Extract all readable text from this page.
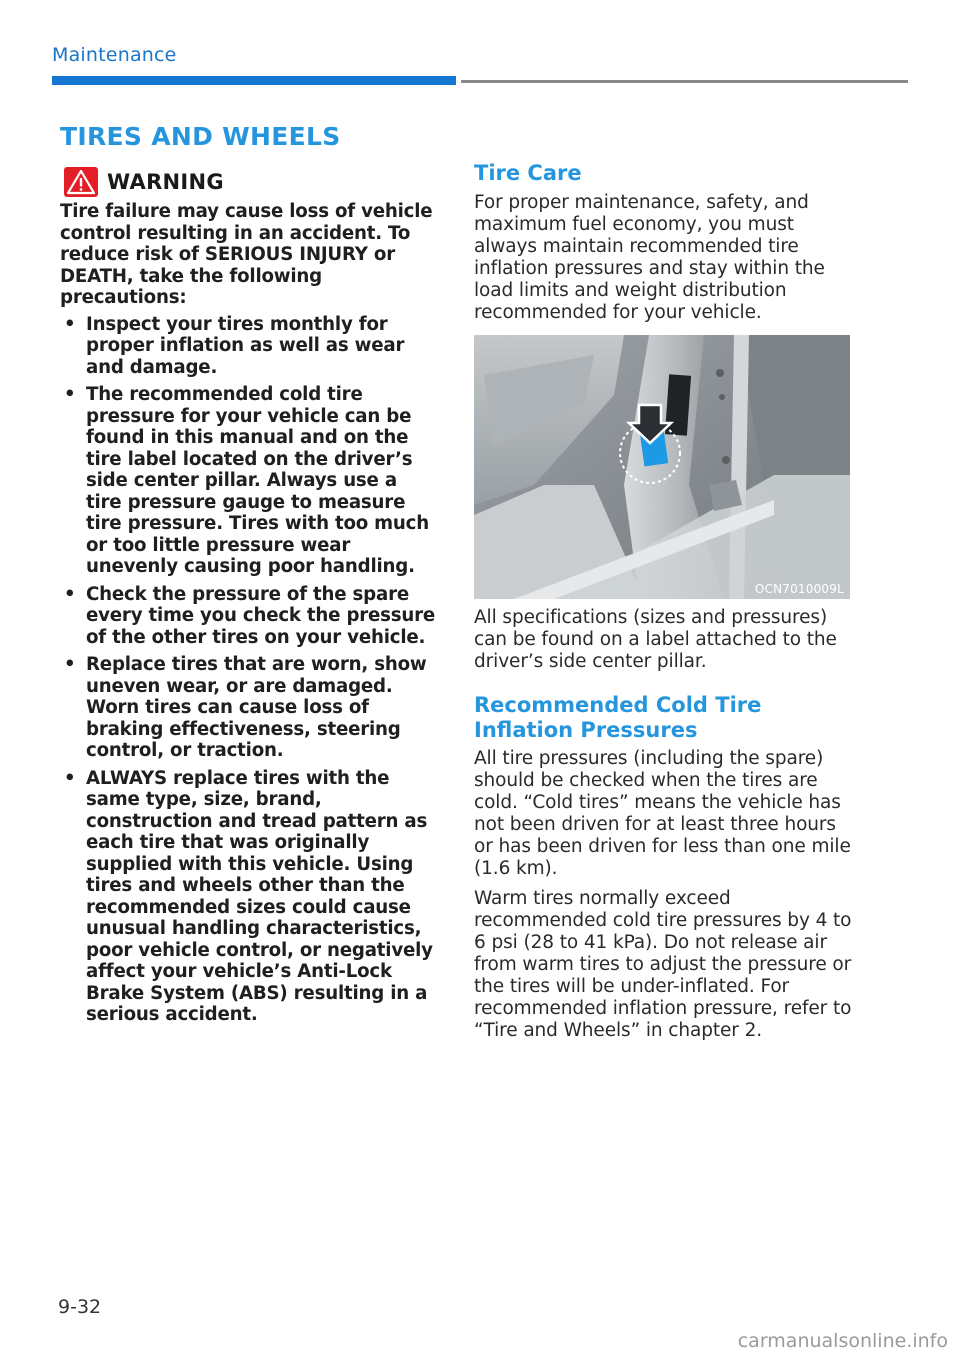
Maintenance
TIRES AND WHEELS
WARNING

Tire failure may cause loss of vehicle control resulting in an accident. To reduce risk of SERIOUS INJURY or DEATH, take the following precautions:

• Inspect your tires monthly for proper inflation as well as wear and damage.
• The recommended cold tire pressure for your vehicle can be found in this manual and on the tire label located on the driver’s side center pillar. Always use a tire pressure gauge to measure tire pressure. Tires with too much or too little pressure wear unevenly causing poor handling.
• Check the pressure of the spare every time you check the pressure of the other tires on your vehicle.
• Replace tires that are worn, show uneven wear, or are damaged. Worn tires can cause loss of braking effectiveness, steering control, or traction.
• ALWAYS replace tires with the same type, size, brand, construction and tread pattern as each tire that was originally supplied with this vehicle. Using tires and wheels other than the recommended sizes could cause unusual handling characteristics, poor vehicle control, or negatively affect your vehicle’s Anti-Lock Brake System (ABS) resulting in a serious accident.
Tire Care

For proper maintenance, safety, and maximum fuel economy, you must always maintain recommended tire inflation pressures and stay within the load limits and weight distribution recommended for your vehicle.

OCN7010009L

All specifications (sizes and pressures) can be found on a label attached to the driver’s side center pillar.

Recommended Cold Tire
Inflation Pressures

All tire pressures (including the spare) should be checked when the tires are cold. “Cold tires” means the vehicle has not been driven for at least three hours or has been driven for less than one mile (1.6 km).

Warm tires normally exceed recommended cold tire pressures by 4 to 6 psi (28 to 41 kPa). Do not release air from warm tires to adjust the pressure or the tires will be under-inflated. For recommended inflation pressure, refer to “Tire and Wheels” in chapter 2.

9-32
carmanualsonline.info
